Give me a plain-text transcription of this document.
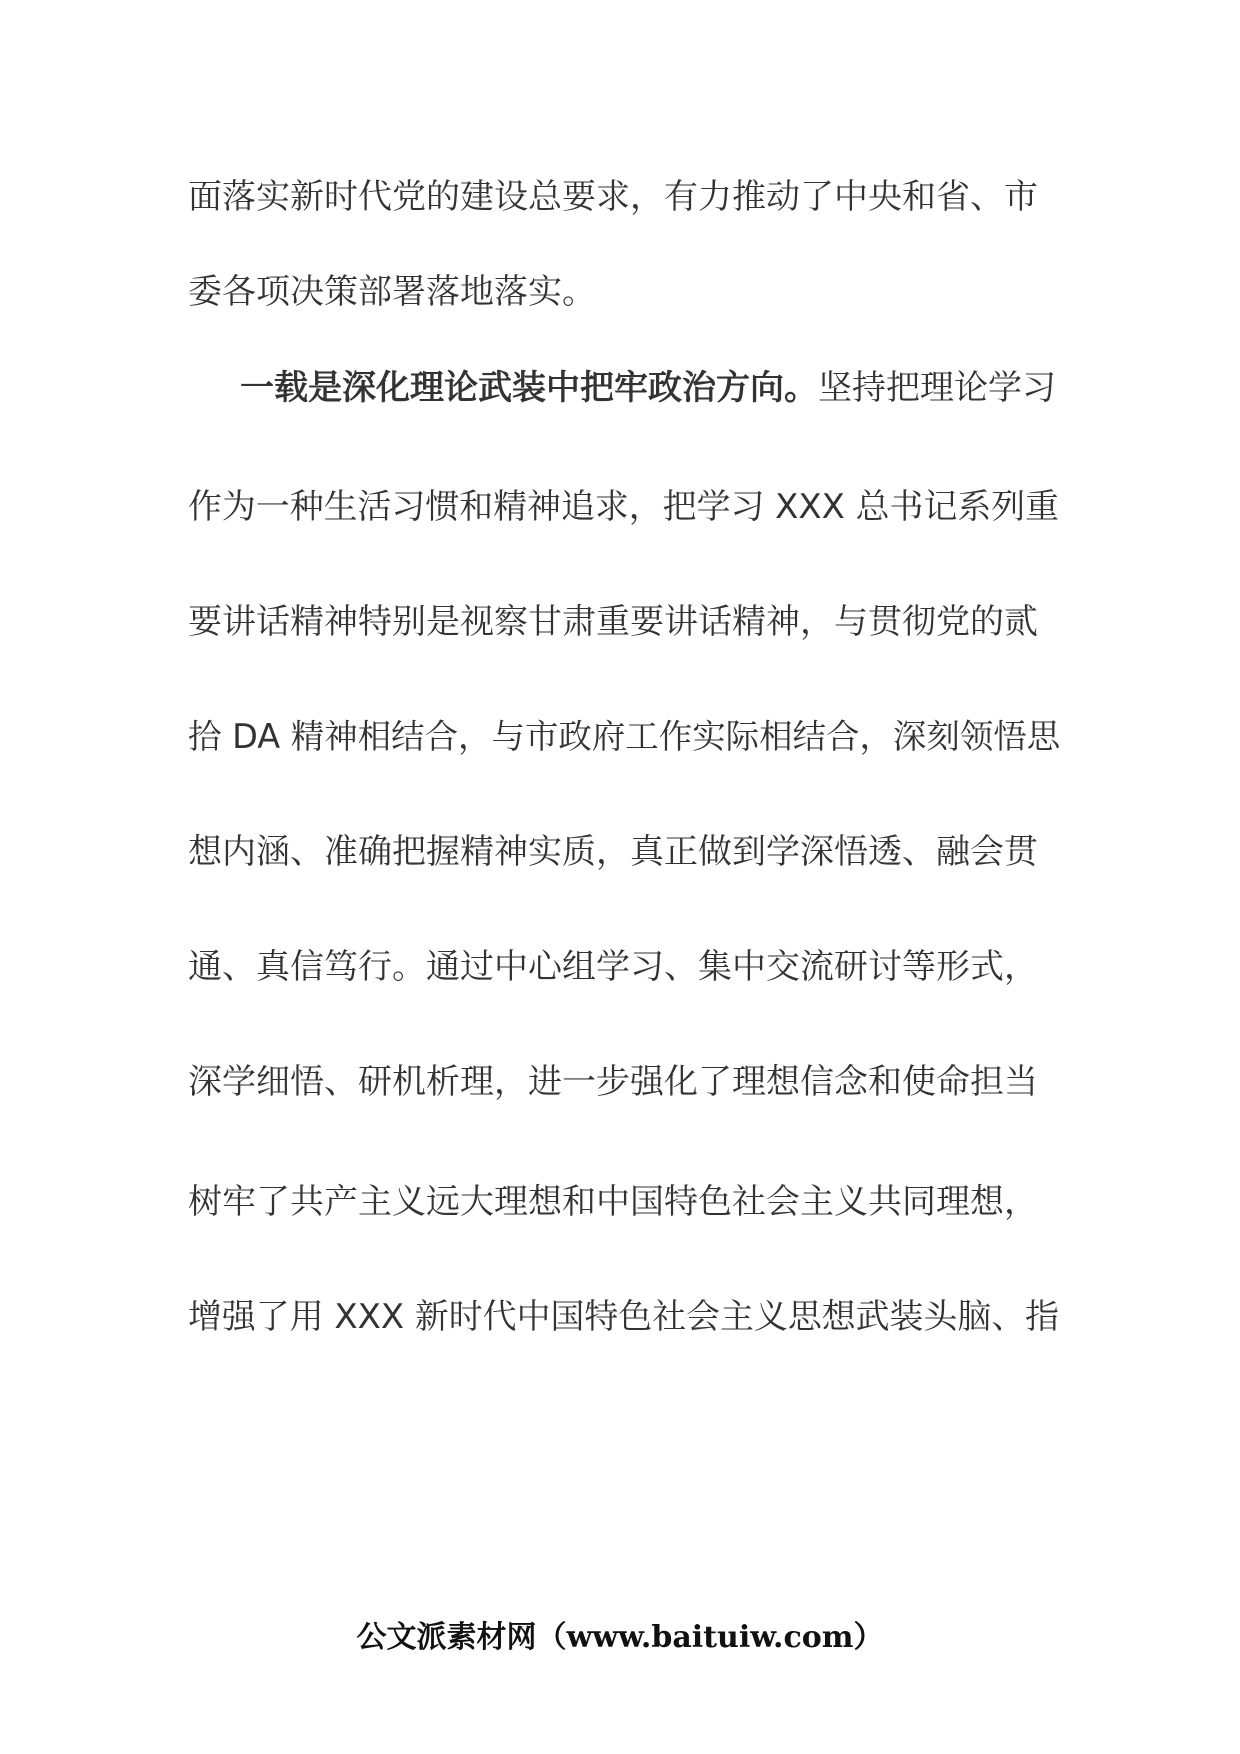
面落实新时代党的建设总要求，有力推动了中央和省、市
委各项决策部署落地落实。
一载是深化理论武装中把牢政治方向。坚持把理论学习
作为一种生活习惯和精神追求，把学习 XXX 总书记系列重
要讲话精神特别是视察甘肃重要讲话精神，与贯彻党的贰
拾 DA 精神相结合，与市政府工作实际相结合，深刻领悟思
想内涵、准确把握精神实质，真正做到学深悟透、融会贯
通、真信笃行。通过中心组学习、集中交流研讨等形式，
深学细悟、研机析理，进一步强化了理想信念和使命担当
树牢了共产主义远大理想和中国特色社会主义共同理想，
增强了用 XXX 新时代中国特色社会主义思想武装头脑、指
公文派素材网（www.baituiw.com）
